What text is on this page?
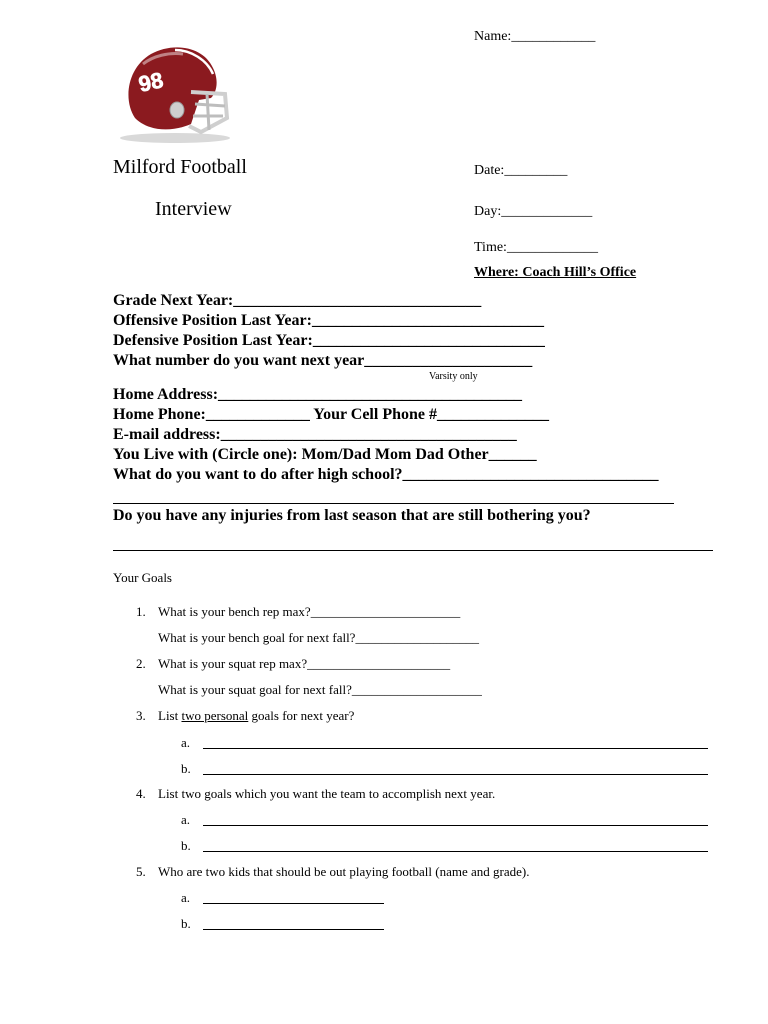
98
Name:____________
Milford Football
Interview
Date:_________
Day:_____________
Time:_____________
Where: Coach Hill’s Office
Grade Next Year:_______________________________
Offensive Position Last Year:_____________________________
Defensive Position Last Year:_____________________________
What number do you want next year_____________________
Varsity only
Home Address:______________________________________
Home Phone:_____________ Your Cell Phone #______________
E-mail address:_____________________________________
You Live with (Circle one): Mom/Dad Mom Dad Other______
What do you want to do after high school?________________________________
Do you have any injuries from last season that are still bothering you?
Your Goals
1. What is your bench rep max?_______________________
What is your bench goal for next fall?___________________
2. What is your squat rep max?______________________
What is your squat goal for next fall?____________________
3. List two personal goals for next year?
a.
b.
4. List two goals which you want the team to accomplish next year.
a.
b.
5. Who are two kids that should be out playing football (name and grade).
a.
b.
